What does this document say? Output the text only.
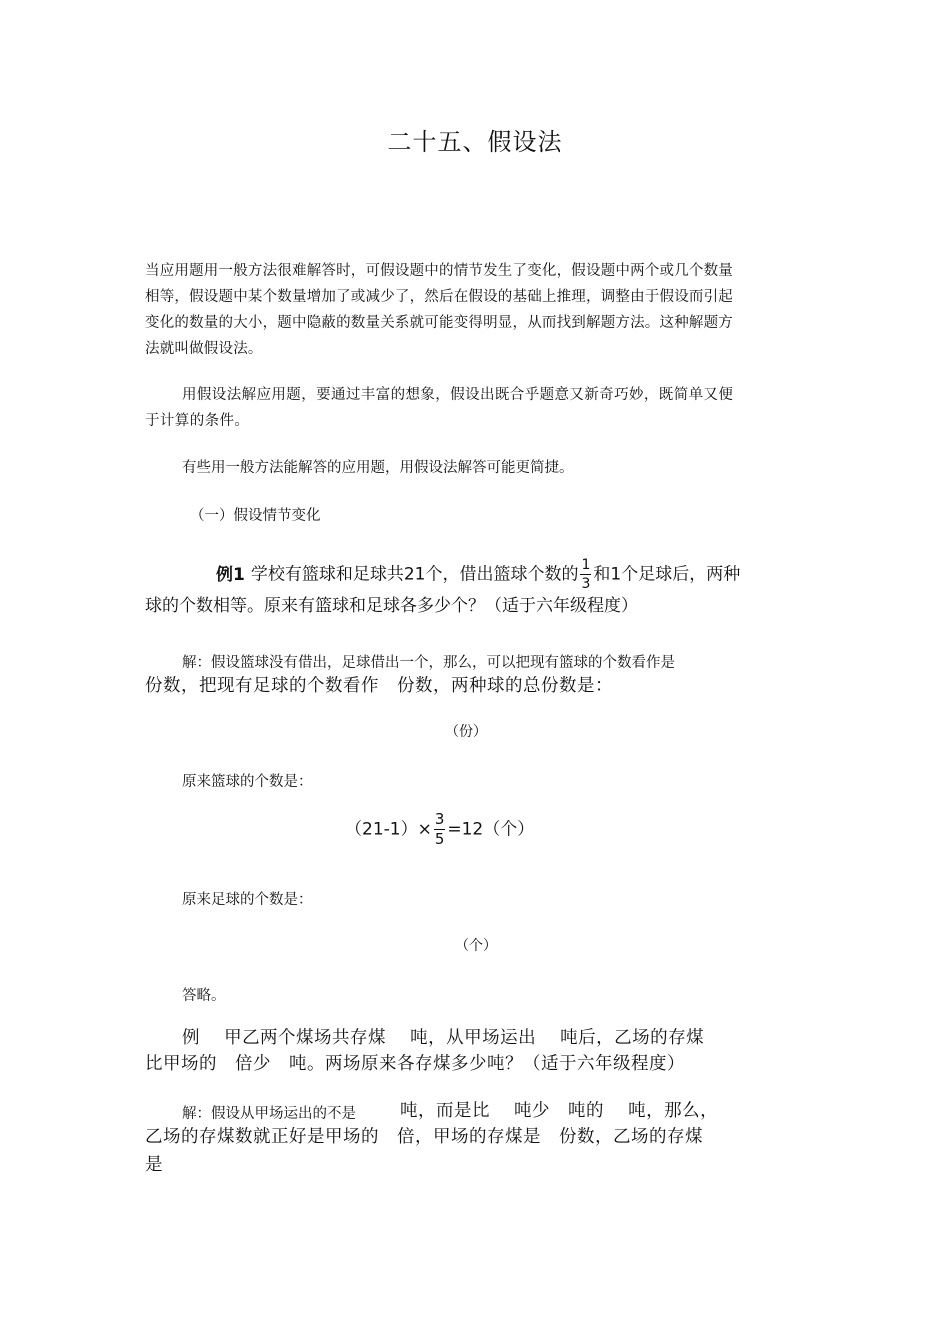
二十五、假设法
当应用题用一般方法很难解答时，可假设题中的情节发生了变化，假设题中两个或几个数量相等，假设题中某个数量增加了或减少了，然后在假设的基础上推理，调整由于假设而引起变化的数量的大小，题中隐蔽的数量关系就可能变得明显，从而找到解题方法。这种解题方法就叫做假设法。
用假设法解应用题，要通过丰富的想象，假设出既合乎题意又新奇巧妙，既简单又便于计算的条件。
有些用一般方法能解答的应用题，用假设法解答可能更简捷。
（一）假设情节变化
例1 学校有篮球和足球共21个，借出篮球个数的 $\frac{1}{3}$ 和1个足球后，两种
球的个数相等。原来有篮球和足球各多少个？（适于六年级程度）
解：假设篮球没有借出，足球借出一个，那么，可以把现有篮球的个数看作是
份数，把现有足球的个数看作　份数，两种球的总份数是：
（份）
原来篮球的个数是：
$(21-1)\times \frac{3}{5} =12$（个）
原来足球的个数是：
（个）
答略。
例　 甲乙两个煤场共存煤　 吨，从甲场运出　 吨后，乙场的存煤
比甲场的　倍少　吨。两场原来各存煤多少吨？（适于六年级程度）
解：假设从甲场运出的不是	吨，而是比　 吨少　吨的　 吨，那么，
乙场的存煤数就正好是甲场的　倍，甲场的存煤是　份数，乙场的存煤
是
